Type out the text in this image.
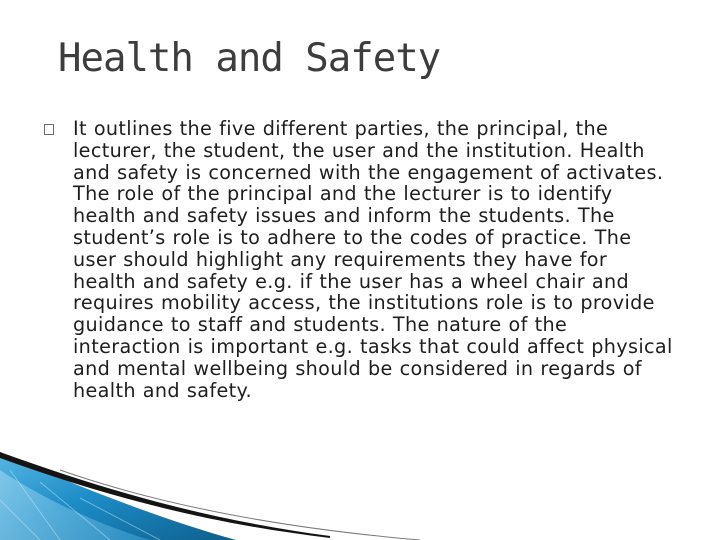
Health and Safety
It outlines the five different parties, the principal, the lecturer, the student, the user and the institution. Health and safety is concerned with the engagement of activates. The role of the principal and the lecturer is to identify health and safety issues and inform the students. The student’s role is to adhere to the codes of practice. The user should highlight any requirements they have for health and safety e.g. if the user has a wheel chair and requires mobility access, the institutions role is to provide guidance to staff and students. The nature of the interaction is important e.g. tasks that could affect physical and mental wellbeing should be considered in regards of health and safety.
